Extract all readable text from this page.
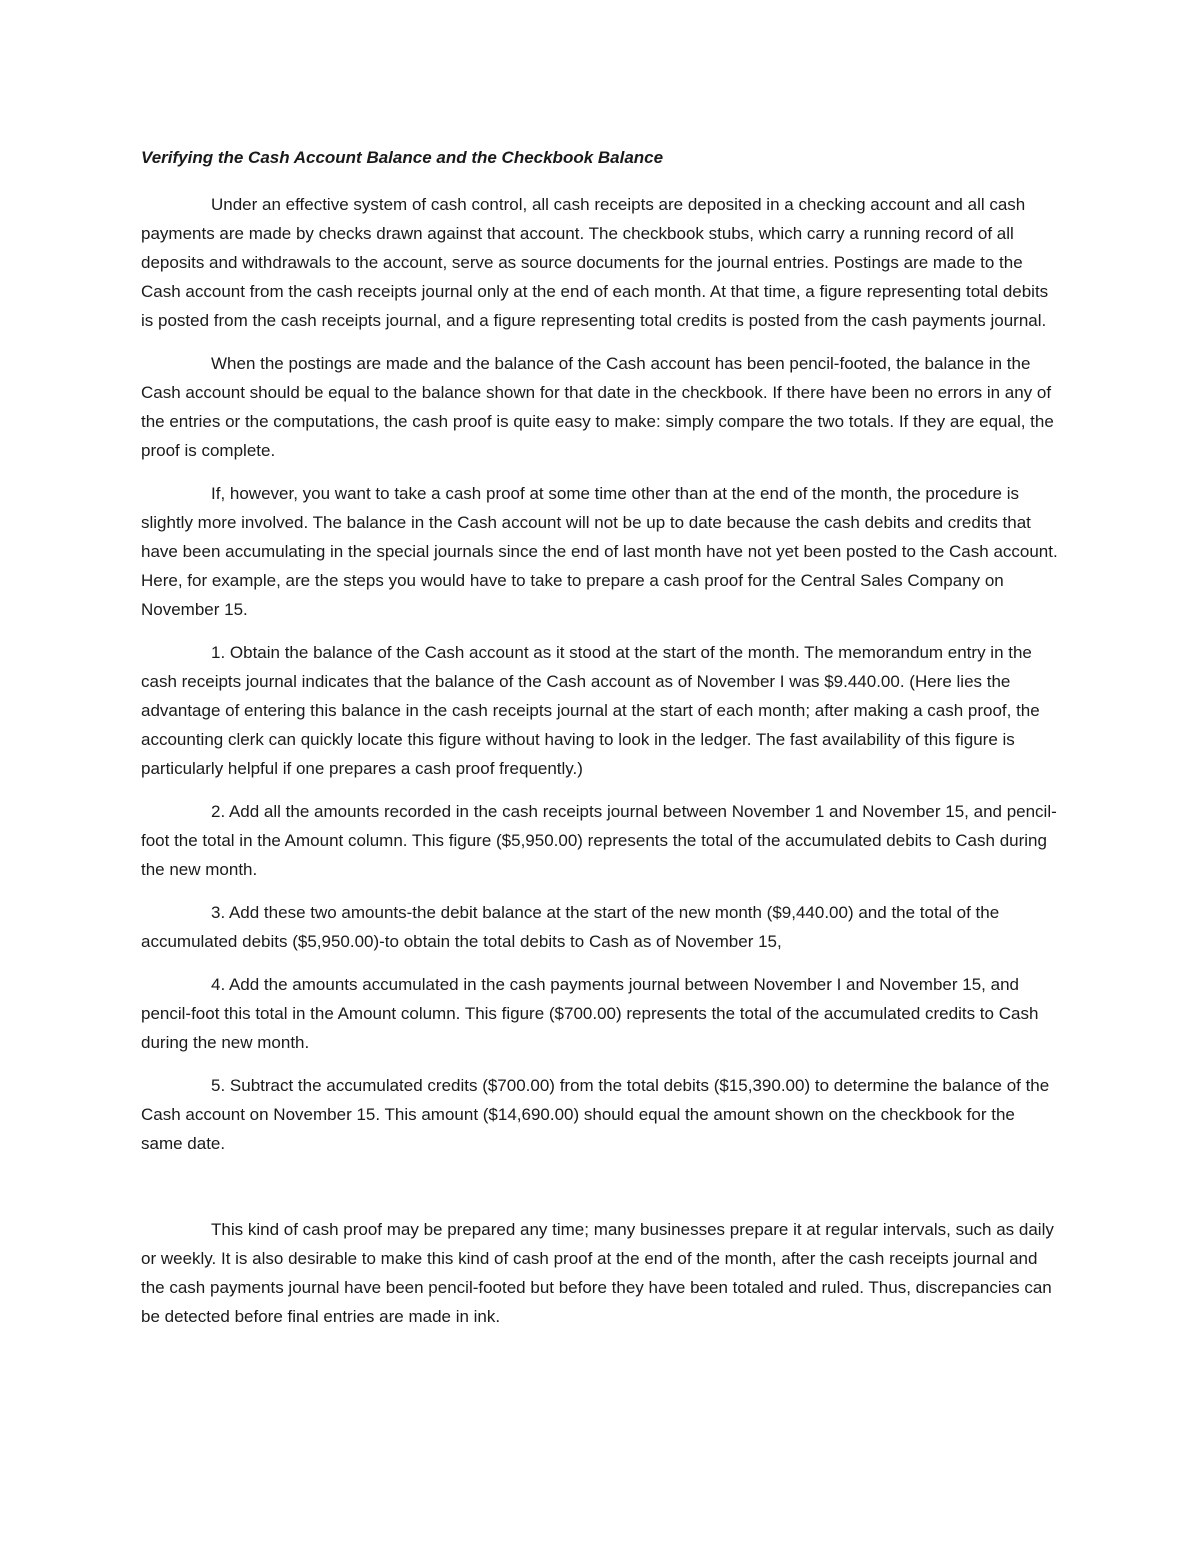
Verifying the Cash Account Balance and the Checkbook Balance

Under an effective system of cash control, all cash receipts are deposited in a checking account and all cash payments are made by checks drawn against that account. The checkbook stubs, which carry a running record of all deposits and withdrawals to the account, serve as source documents for the journal entries. Postings are made to the Cash account from the cash receipts journal only at the end of each month. At that time, a figure representing total debits is posted from the cash receipts journal, and a figure representing total credits is posted from the cash payments journal.

When the postings are made and the balance of the Cash account has been pencil-footed, the balance in the Cash account should be equal to the balance shown for that date in the checkbook. If there have been no errors in any of the entries or the computations, the cash proof is quite easy to make: simply compare the two totals. If they are equal, the proof is complete.

If, however, you want to take a cash proof at some time other than at the end of the month, the procedure is slightly more involved. The balance in the Cash account will not be up to date because the cash debits and credits that have been accumulating in the special journals since the end of last month have not yet been posted to the Cash account. Here, for example, are the steps you would have to take to prepare a cash proof for the Central Sales Company on November 15.

1. Obtain the balance of the Cash account as it stood at the start of the month. The memorandum entry in the cash receipts journal indicates that the balance of the Cash account as of November I was $9.440.00. (Here lies the advantage of entering this balance in the cash receipts journal at the start of each month; after making a cash proof, the accounting clerk can quickly locate this figure without having to look in the ledger. The fast availability of this figure is particularly helpful if one prepares a cash proof frequently.)

2. Add all the amounts recorded in the cash receipts journal between November 1 and November 15, and pencil-foot the total in the Amount column. This figure ($5,950.00) represents the total of the accumulated debits to Cash during the new month.

3. Add these two amounts-the debit balance at the start of the new month ($9,440.00) and the total of the accumulated debits ($5,950.00)-to obtain the total debits to Cash as of November 15,

4. Add the amounts accumulated in the cash payments journal between November I and November 15, and pencil-foot this total in the Amount column. This figure ($700.00) represents the total of the accumulated credits to Cash during the new month.

5. Subtract the accumulated credits ($700.00) from the total debits ($15,390.00) to determine the balance of the Cash account on November 15. This amount ($14,690.00) should equal the amount shown on the checkbook for the same date.

This kind of cash proof may be prepared any time; many businesses prepare it at regular intervals, such as daily or weekly. It is also desirable to make this kind of cash proof at the end of the month, after the cash receipts journal and the cash payments journal have been pencil-footed but before they have been totaled and ruled. Thus, discrepancies can be detected before final entries are made in ink.
